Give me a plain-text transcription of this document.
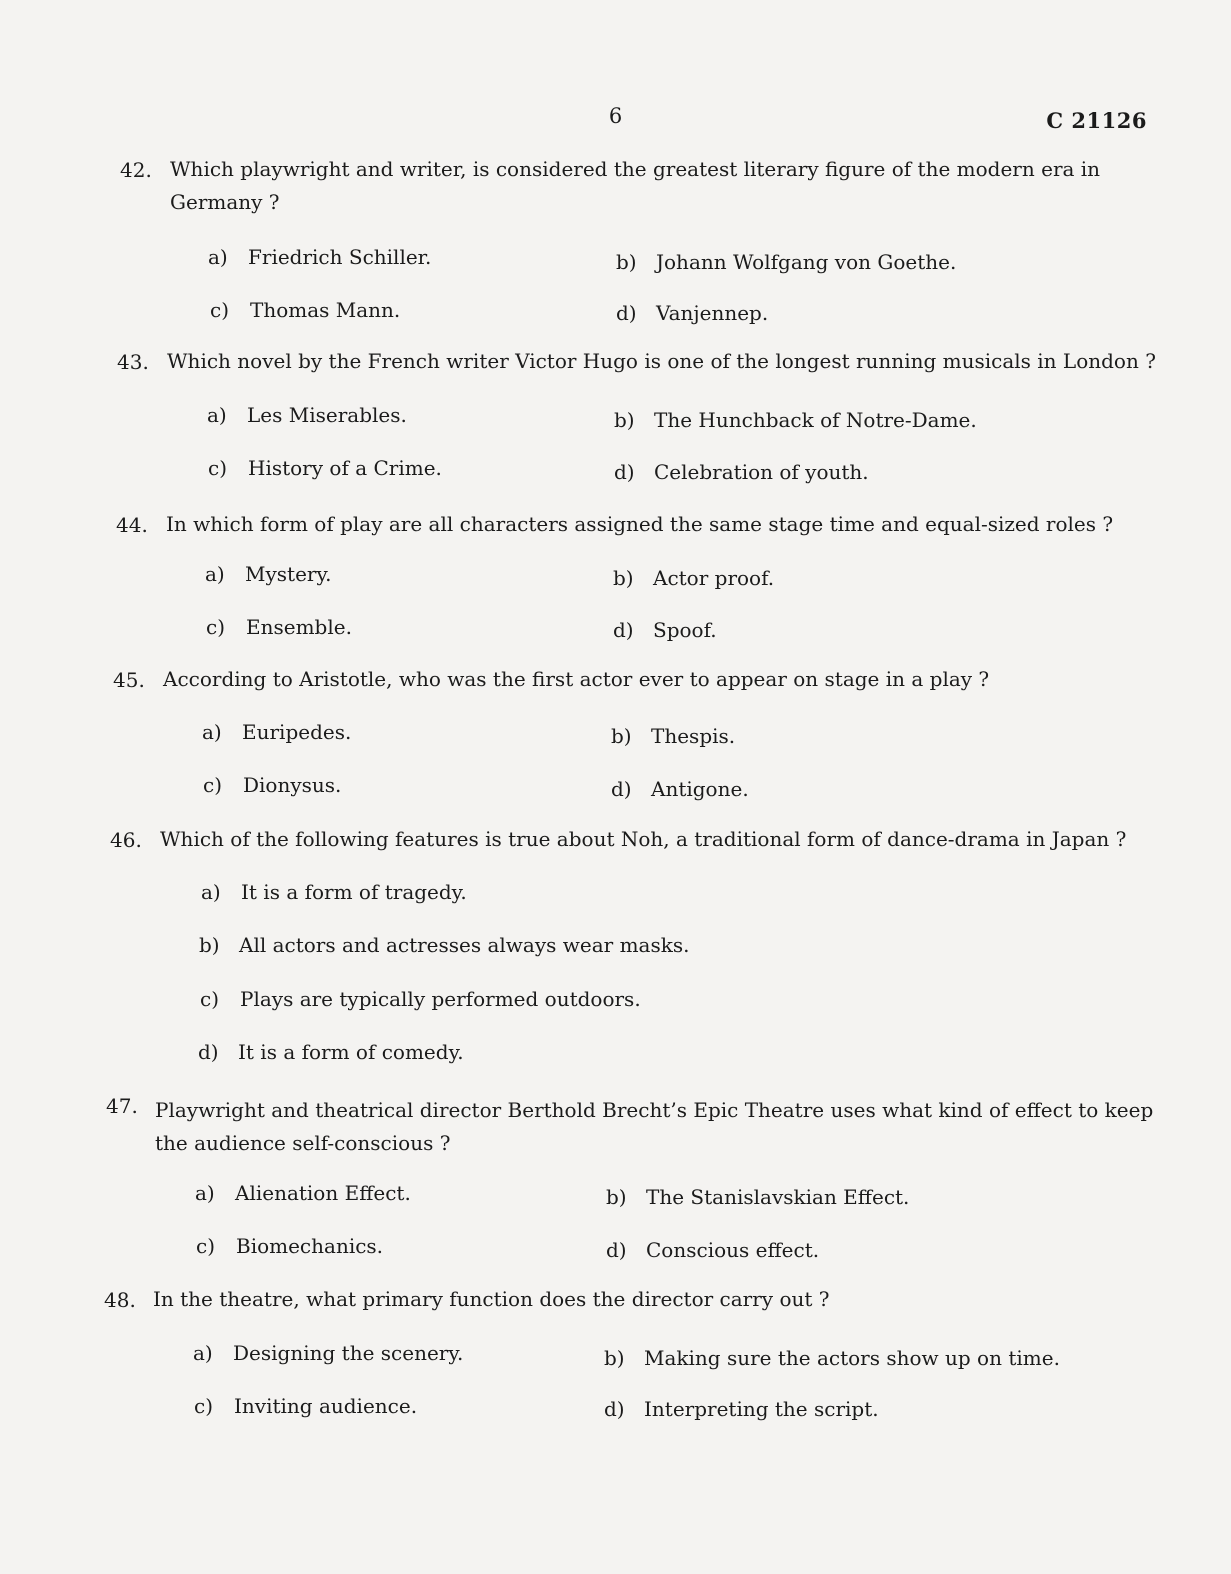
6	C 21126
42. Which playwright and writer, is considered the greatest literary figure of the modern era in Germany ?
a) Friedrich Schiller.	b) Johann Wolfgang von Goethe.
c) Thomas Mann.	d) Vanjennep.
43. Which novel by the French writer Victor Hugo is one of the longest running musicals in London ?
a) Les Miserables.	b) The Hunchback of Notre-Dame.
c) History of a Crime.	d) Celebration of youth.
44. In which form of play are all characters assigned the same stage time and equal-sized roles ?
a) Mystery.	b) Actor proof.
c) Ensemble.	d) Spoof.
45. According to Aristotle, who was the first actor ever to appear on stage in a play ?
a) Euripedes.	b) Thespis.
c) Dionysus.	d) Antigone.
46. Which of the following features is true about Noh, a traditional form of dance-drama in Japan ?
a) It is a form of tragedy.
b) All actors and actresses always wear masks.
c) Plays are typically performed outdoors.
d) It is a form of comedy.
47. Playwright and theatrical director Berthold Brecht’s Epic Theatre uses what kind of effect to keep the audience self-conscious ?
a) Alienation Effect.	b) The Stanislavskian Effect.
c) Biomechanics.	d) Conscious effect.
48. In the theatre, what primary function does the director carry out ?
a) Designing the scenery.	b) Making sure the actors show up on time.
c) Inviting audience.	d) Interpreting the script.
